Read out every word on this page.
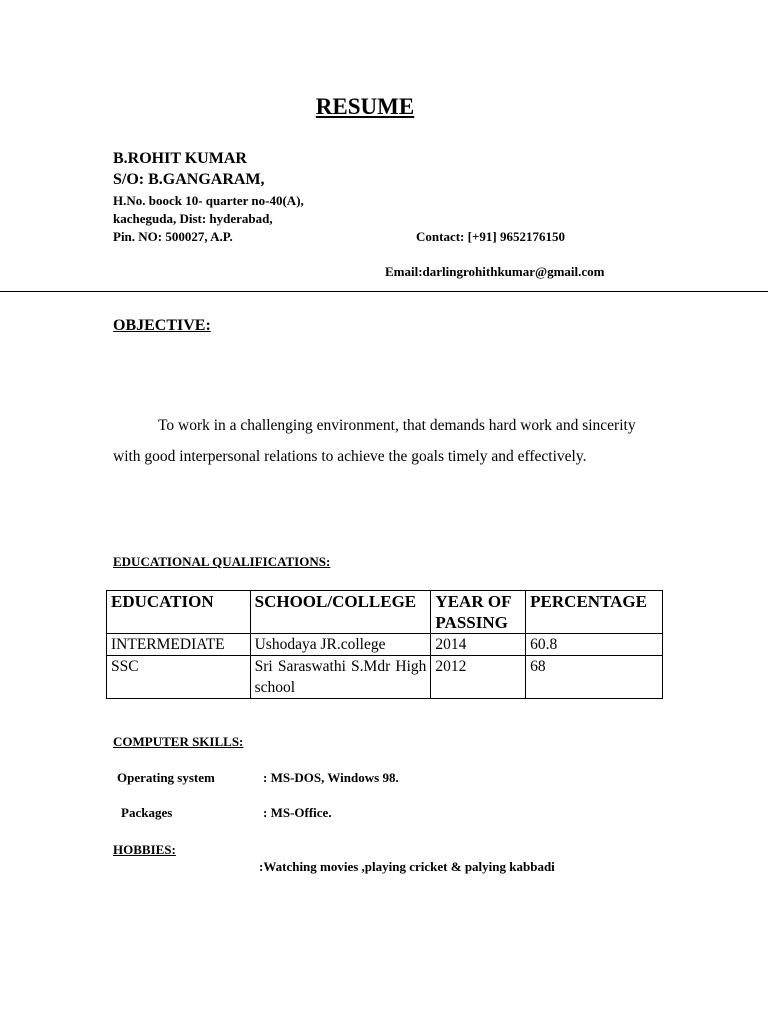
RESUME
B.ROHIT KUMAR
S/O: B.GANGARAM,
H.No. boock 10- quarter no-40(A),
kacheguda, Dist: hyderabad,
Pin. NO: 500027, A.P.	Contact: [+91] 9652176150
Email:darlingrohithkumar@gmail.com
OBJECTIVE:
To work in a challenging environment, that demands hard work and sincerity with good interpersonal relations to achieve the goals timely and effectively.
EDUCATIONAL QUALIFICATIONS:
EDUCATION	SCHOOL/COLLEGE	YEAR OF PASSING	PERCENTAGE
INTERMEDIATE	Ushodaya JR.college	2014	60.8
SSC	Sri Saraswathi S.Mdr High school	2012	68
COMPUTER SKILLS:
Operating system	: MS-DOS, Windows 98.
Packages	: MS-Office.
HOBBIES:
:Watching movies ,playing cricket & palying kabbadi
